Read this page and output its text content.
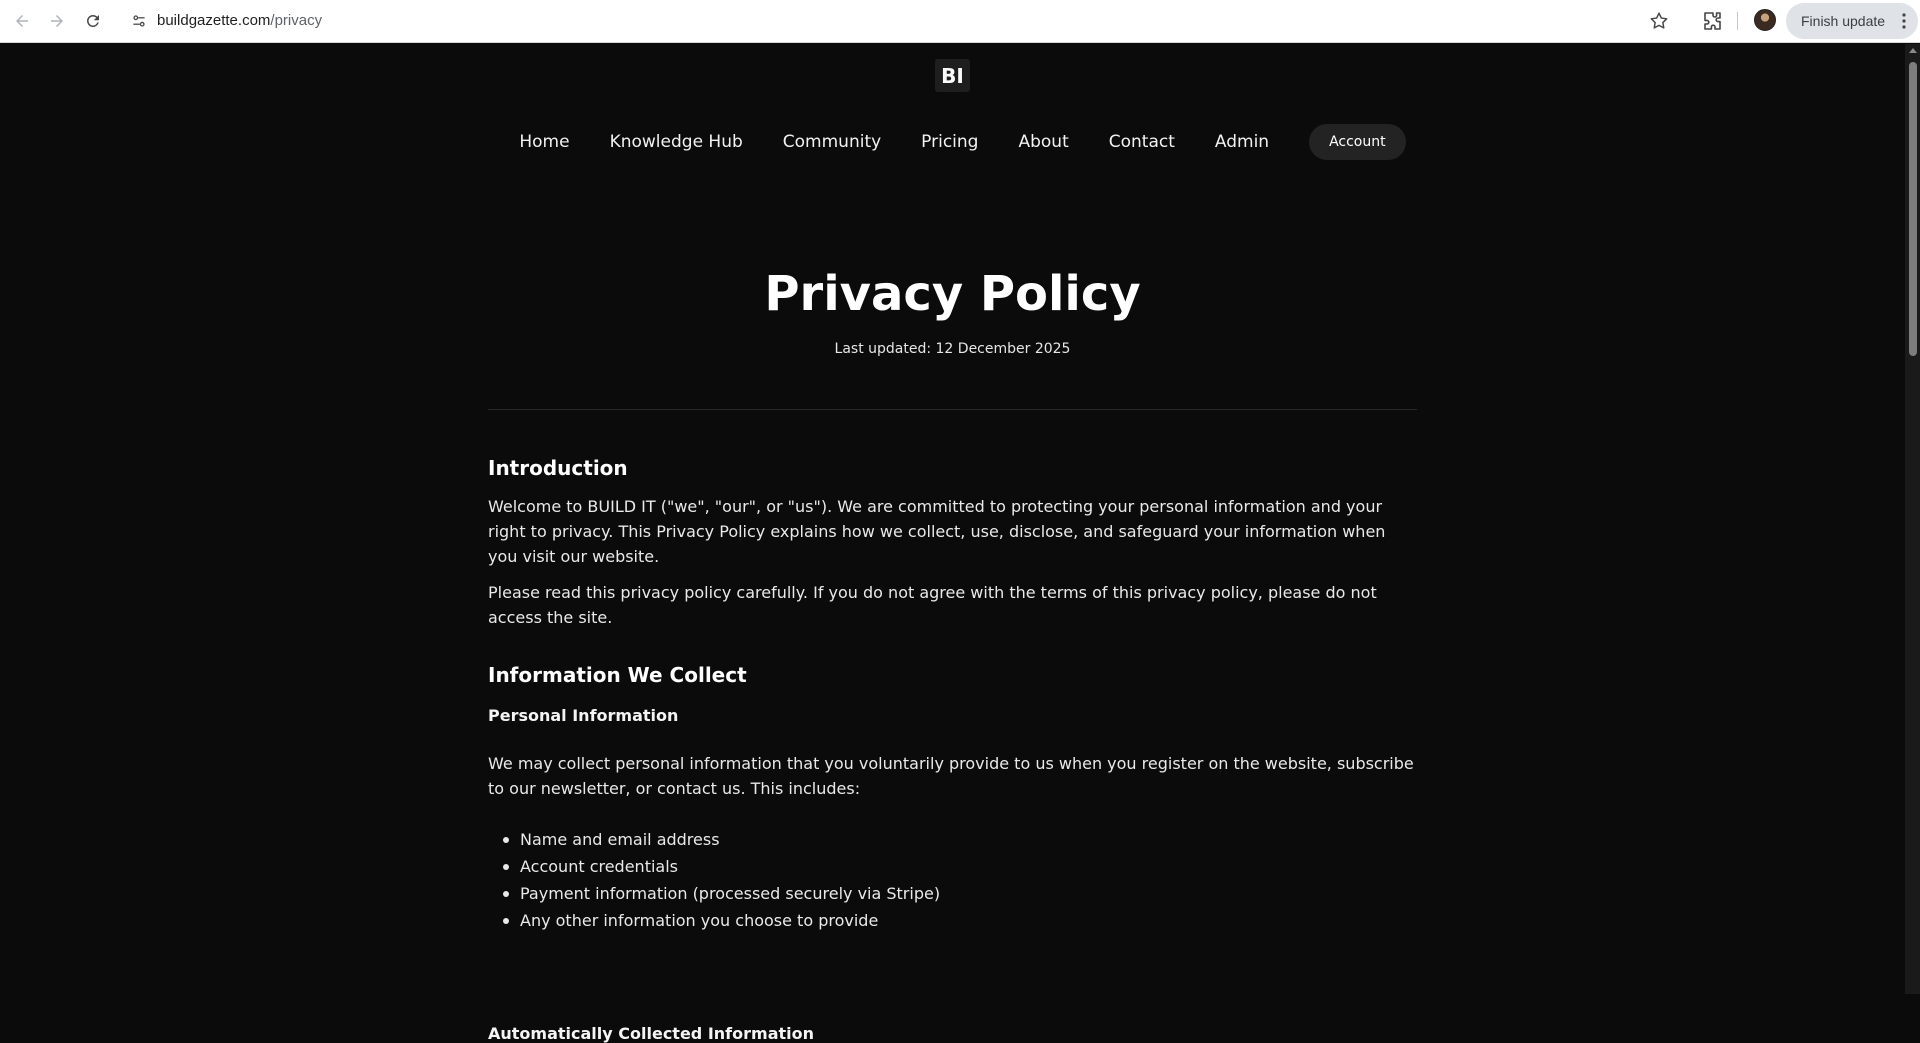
buildgazette.com/privacy	Finish update
BI
Home Knowledge Hub Community Pricing About Contact Admin	Account
Privacy Policy
Last updated: 12 December 2025
Introduction

Welcome to BUILD IT ("we", "our", or "us"). We are committed to protecting your personal information and your right to privacy. This Privacy Policy explains how we collect, use, disclose, and safeguard your information when you visit our website.

Please read this privacy policy carefully. If you do not agree with the terms of this privacy policy, please do not access the site.

Information We Collect
Personal Information

We may collect personal information that you voluntarily provide to us when you register on the website, subscribe to our newsletter, or contact us. This includes:

Name and email address
Account credentials
Payment information (processed securely via Stripe)
Any other information you choose to provide
Automatically Collected Information
